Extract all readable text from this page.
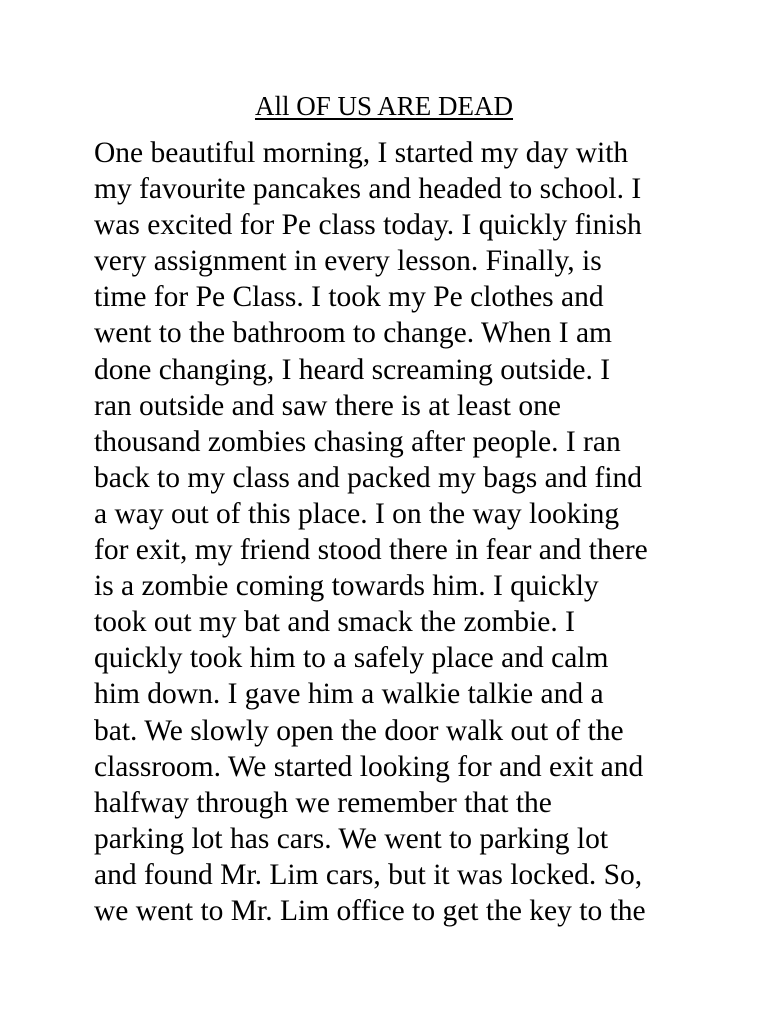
All OF US ARE DEAD
One beautiful morning, I started my day with
my favourite pancakes and headed to school. I
was excited for Pe class today. I quickly finish
very assignment in every lesson. Finally, is
time for Pe Class. I took my Pe clothes and
went to the bathroom to change. When I am
done changing, I heard screaming outside. I
ran outside and saw there is at least one
thousand zombies chasing after people. I ran
back to my class and packed my bags and find
a way out of this place. I on the way looking
for exit, my friend stood there in fear and there
is a zombie coming towards him. I quickly
took out my bat and smack the zombie. I
quickly took him to a safely place and calm
him down. I gave him a walkie talkie and a
bat. We slowly open the door walk out of the
classroom. We started looking for and exit and
halfway through we remember that the
parking lot has cars. We went to parking lot
and found Mr. Lim cars, but it was locked. So,
we went to Mr. Lim office to get the key to the
